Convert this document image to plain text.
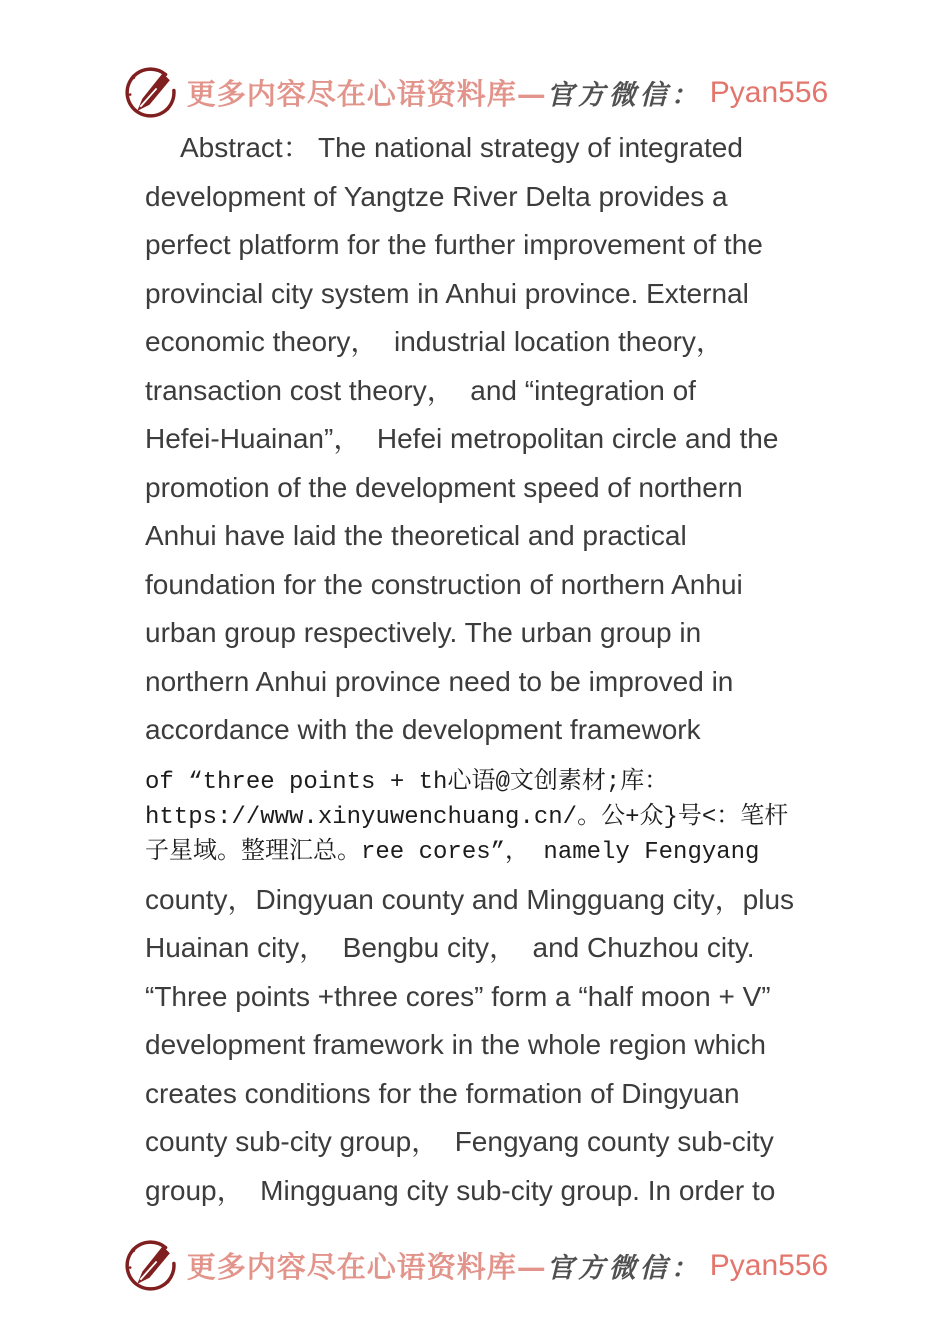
更多内容尽在心语资料库— 官方微信： Pyan556
Abstract： The national strategy of integrated
development of Yangtze River Delta provides a
perfect platform for the further improvement of the
provincial city system in Anhui province. External
economic theory，  industrial location theory，
transaction cost theory，  and “integration of
Hefei-Huainan”，  Hefei metropolitan circle and the
promotion of the development speed of northern
Anhui have laid the theoretical and practical
foundation for the construction of northern Anhui
urban group respectively. The urban group in
northern Anhui province need to be improved in
accordance with the development framework
of “three points + th心语@文创素材;库：
https://www.xinyuwenchuang.cn/。公+众}号<：笔杆
子星域。整理汇总。ree cores”， namely Fengyang
county，Dingyuan county and Mingguang city，plus
Huainan city，  Bengbu city，  and Chuzhou city.
“Three points +three cores” form a “half moon + V”
development framework in the whole region which
creates conditions for the formation of Dingyuan
county sub-city group，  Fengyang county sub-city
group，  Mingguang city sub-city group. In order to
更多内容尽在心语资料库— 官方微信： Pyan556
